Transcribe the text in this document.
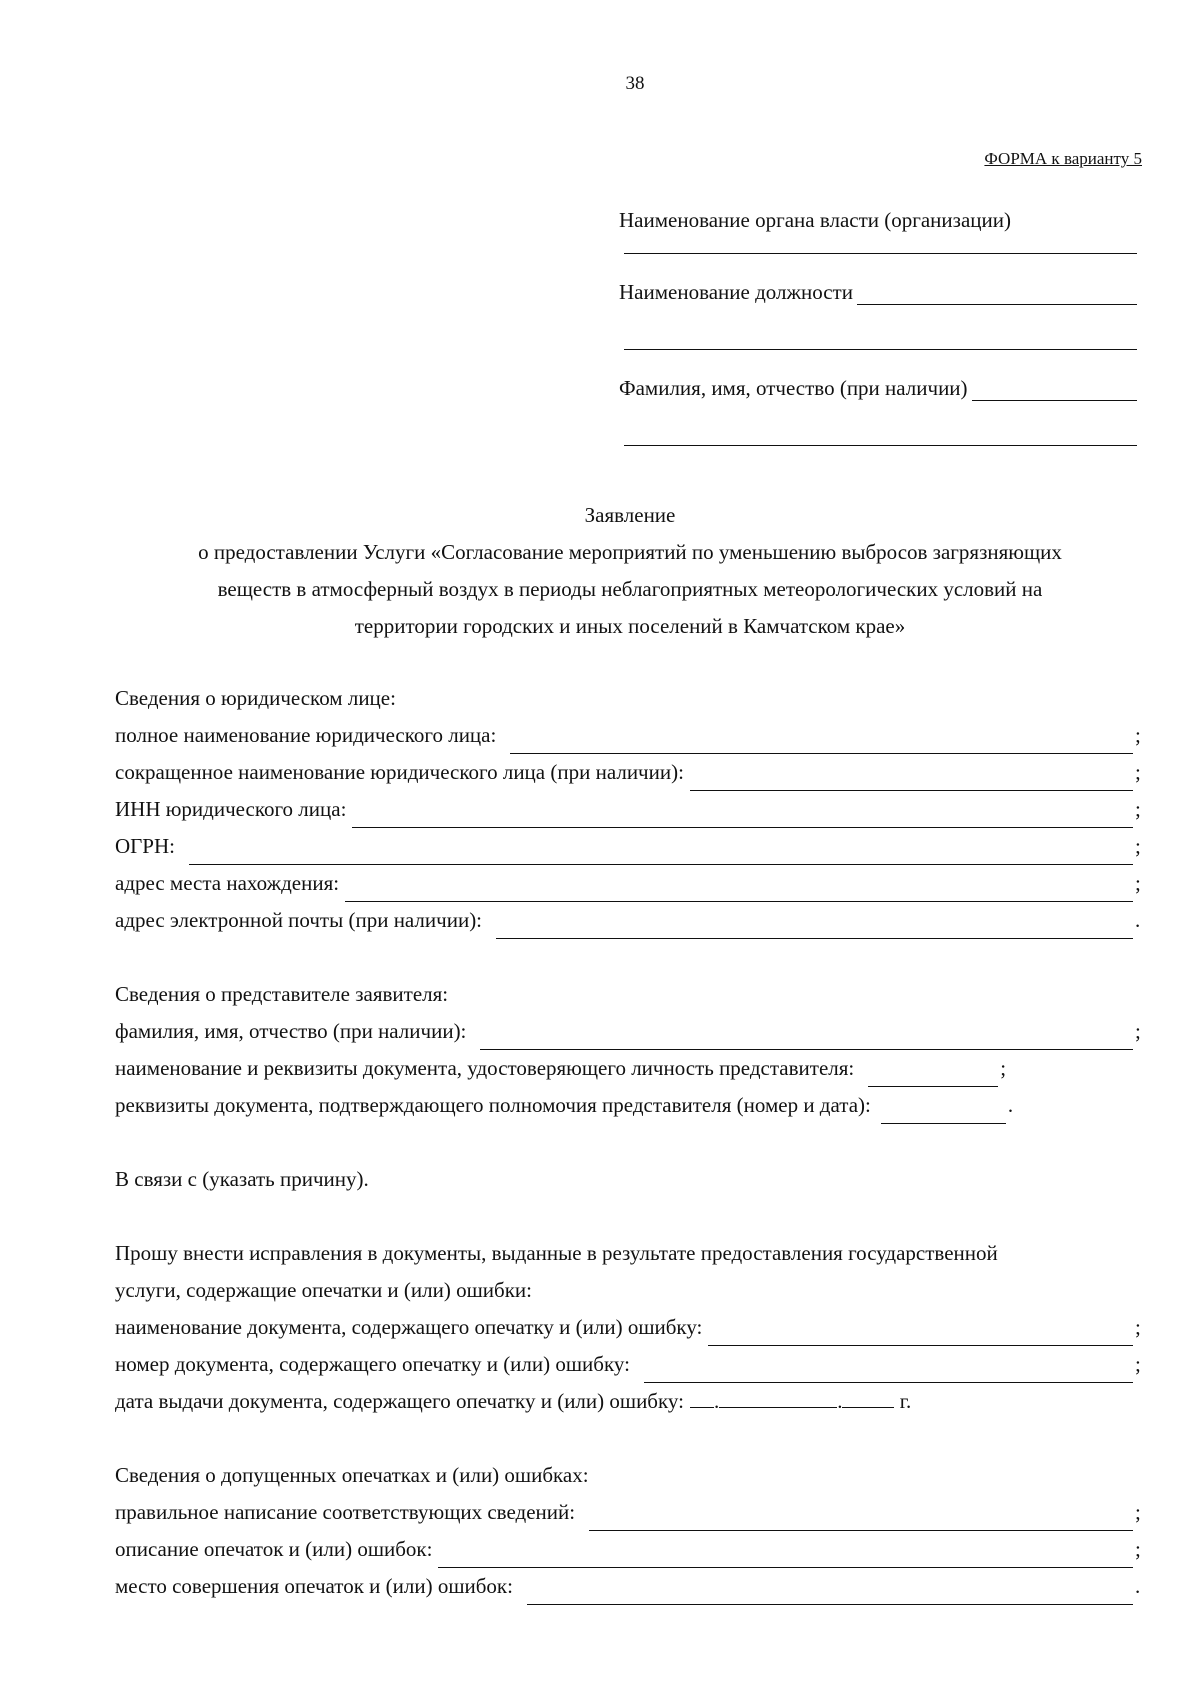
38
ФОРМА к варианту 5
Наименование органа власти (организации)
Наименование должности
Фамилия, имя, отчество (при наличии)
Заявление
о предоставлении Услуги «Согласование мероприятий по уменьшению выбросов загрязняющих
веществ в атмосферный воздух в периоды неблагоприятных метеорологических условий на
территории городских и иных поселений в Камчатском крае»
Сведения о юридическом лице:
полное наименование юридического лица:	;
сокращенное наименование юридического лица (при наличии):	;
ИНН юридического лица:	;
ОГРН:	;
адрес места нахождения:	;
адрес электронной почты (при наличии):	.
Сведения о представителе заявителя:
фамилия, имя, отчество (при наличии):	;
наименование и реквизиты документа, удостоверяющего личность представителя:	;
реквизиты документа, подтверждающего полномочия представителя (номер и дата):	.
В связи с (указать причину).
Прошу внести исправления в документы, выданные в результате предоставления государственной
услуги, содержащие опечатки и (или) ошибки:
наименование документа, содержащего опечатку и (или) ошибку:	;
номер документа, содержащего опечатку и (или) ошибку:	;
дата выдачи документа, содержащего опечатку и (или) ошибку: .	.	г.
Сведения о допущенных опечатках и (или) ошибках:
правильное написание соответствующих сведений:	;
описание опечаток и (или) ошибок:	;
место совершения опечаток и (или) ошибок:	.
